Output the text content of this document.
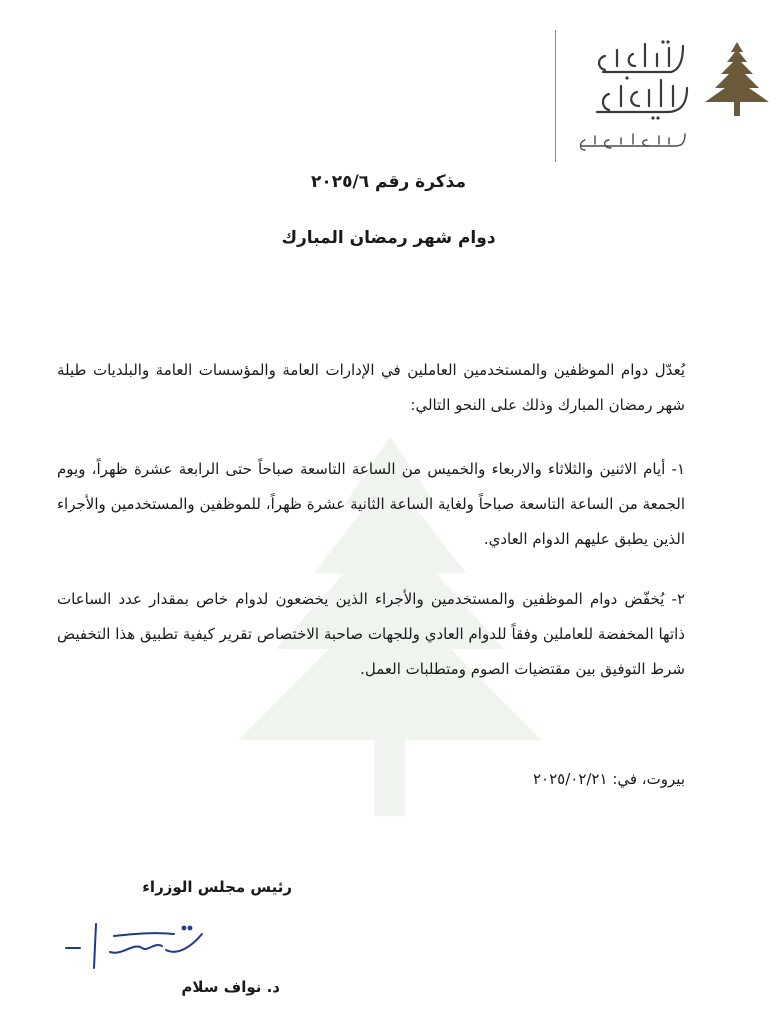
مذكرة رقم ٢٠٢٥/٦
دوام شهر رمضان المبارك
يُعدّل دوام الموظفين والمستخدمين العاملين في الإدارات العامة والمؤسسات العامة والبلديات طيلة شهر رمضان المبارك وذلك على النحو التالي:
١- أيام الاثنين والثلاثاء والاربعاء والخميس من الساعة التاسعة صباحاً حتى الرابعة عشرة ظهراً، ويوم الجمعة من الساعة التاسعة صباحاً ولغاية الساعة الثانية عشرة ظهراً، للموظفين والمستخدمين والأجراء الذين يطبق عليهم الدوام العادي.
٢- يُخفّض دوام الموظفين والمستخدمين والأجراء الذين يخضعون لدوام خاص بمقدار عدد الساعات ذاتها المخفضة للعاملين وفقاً للدوام العادي وللجهات صاحبة الاختصاص تقرير كيفية تطبيق هذا التخفيض شرط التوفيق بين مقتضيات الصوم ومتطلبات العمل.
بيروت، في: ٢٠٢٥/٠٢/٢١
رئيس مجلس الوزراء
د. نواف سلام
